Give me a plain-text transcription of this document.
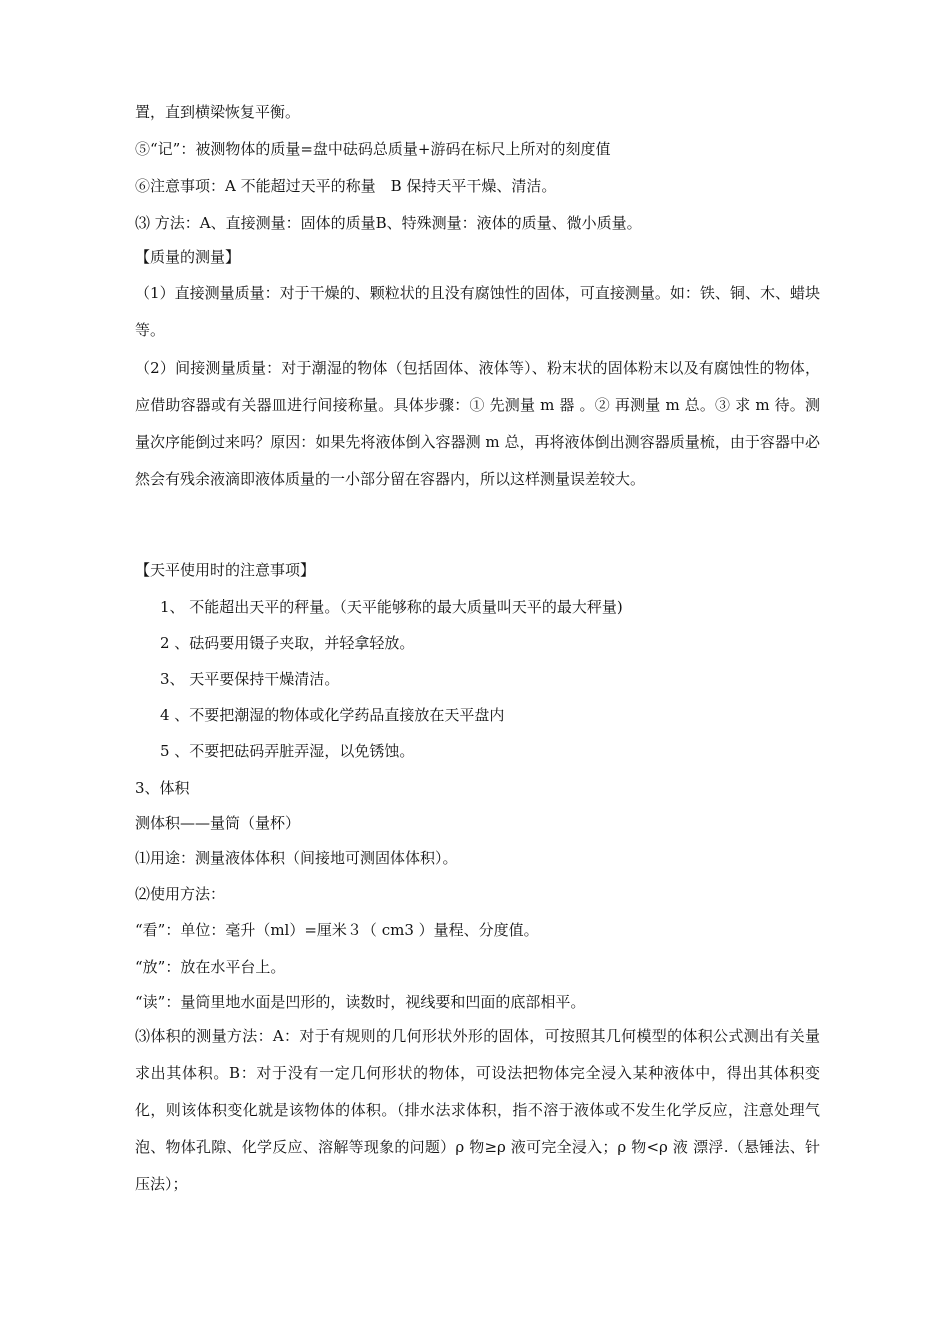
置，直到横梁恢复平衡。
⑤“记”：被测物体的质量=盘中砝码总质量+游码在标尺上所对的刻度值
⑥注意事项：A 不能超过天平的称量　B 保持天平干燥、清洁。
⑶ 方法：A、直接测量：固体的质量B、特殊测量：液体的质量、微小质量。
【质量的测量】
（1）直接测量质量：对于干燥的、颗粒状的且没有腐蚀性的固体，可直接测量。如：铁、铜、木、蜡块等。
（2）间接测量质量：对于潮湿的物体（包括固体、液体等）、粉末状的固体粉末以及有腐蚀性的物体，应借助容器或有关器皿进行间接称量。具体步骤：① 先测量 m 器 。② 再测量 m 总。③ 求 m 待。测量次序能倒过来吗？原因：如果先将液体倒入容器测 m 总，再将液体倒出测容器质量梳，由于容器中必然会有残余液滴即液体质量的一小部分留在容器内，所以这样测量误差较大。
【天平使用时的注意事项】
1、 不能超出天平的秤量。（天平能够称的最大质量叫天平的最大秤量)
2 、砝码要用镊子夹取，并轻拿轻放。
3、 天平要保持干燥清洁。
4 、不要把潮湿的物体或化学药品直接放在天平盘内
5 、不要把砝码弄脏弄湿，以免锈蚀。
3、体积
测体积——量筒（量杯）
⑴用途：测量液体体积（间接地可测固体体积）。
⑵使用方法：
“看”：单位：毫升（ml）=厘米３（ cm3 ）量程、分度值。
“放”：放在水平台上。
“读”：量筒里地水面是凹形的，读数时，视线要和凹面的底部相平。
⑶体积的测量方法：A：对于有规则的几何形状外形的固体，可按照其几何模型的体积公式测出有关量求出其体积。B：对于没有一定几何形状的物体，可设法把物体完全浸入某种液体中，得出其体积变化，则该体积变化就是该物体的体积。（排水法求体积，指不溶于液体或不发生化学反应，注意处理气泡、物体孔隙、化学反应、溶解等现象的问题）ρ 物≥ρ 液可完全浸入；ρ 物<ρ 液 漂浮.（悬锤法、针压法）；
